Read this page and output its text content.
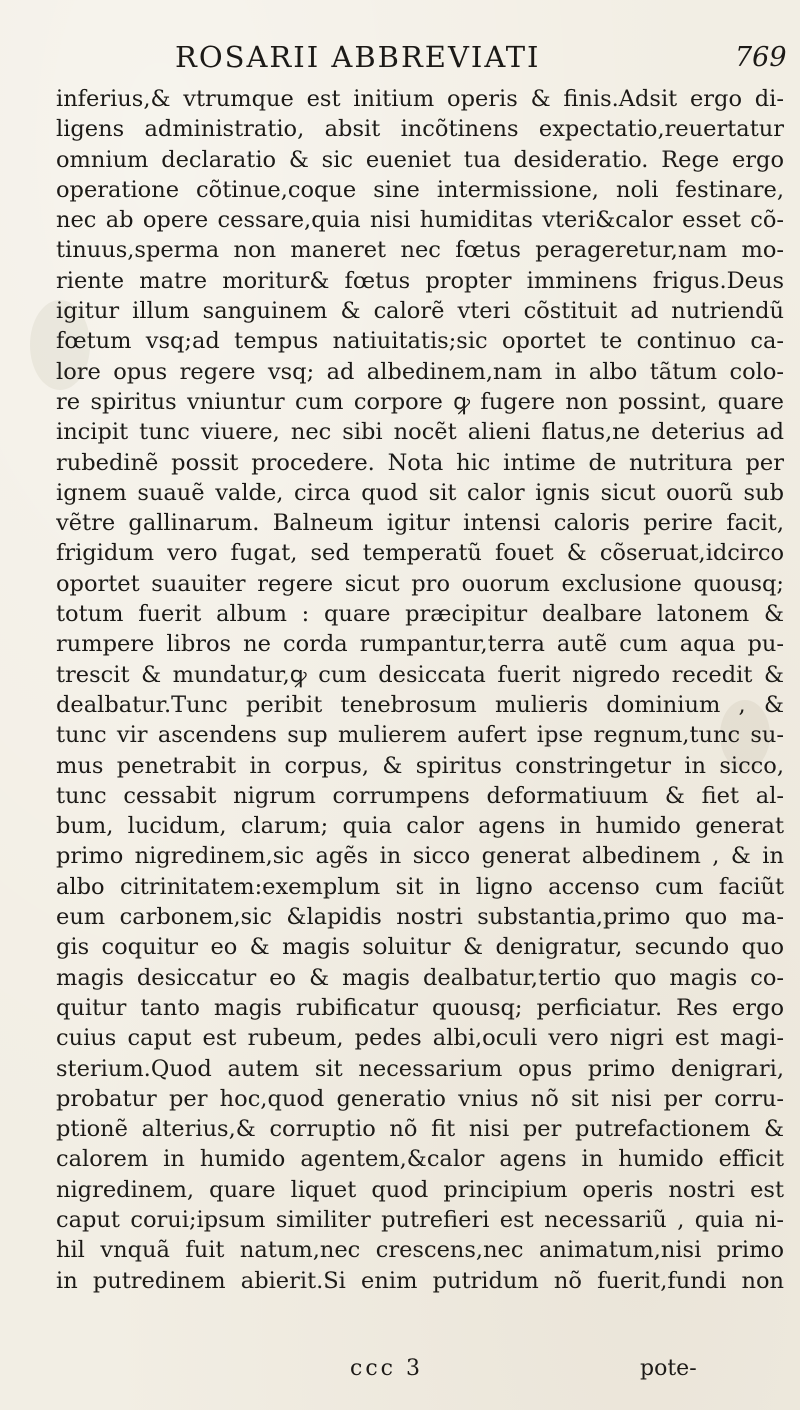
ROSARII ABBREVIATI	769
inferius,& vtrumque est initium operis & finis.Adsit ergo di-
ligens administratio, absit incõtinens expectatio,reuertatur
omnium declaratio & sic eueniet tua desideratio. Rege ergo
operatione cõtinue,coque sine intermissione, noli festinare,
nec ab opere cessare,quia nisi humiditas vteri&calor esset cõ-
tinuus,sperma non maneret nec fœtus perageretur,nam mo-
riente matre moritur& fœtus propter imminens frigus.Deus
igitur illum sanguinem & calorẽ vteri cõstituit ad nutriendũ
fœtum vsq;ad tempus natiuitatis;sic oportet te continuo ca-
lore opus regere vsq; ad albedinem,nam in albo tãtum colo-
re spiritus vniuntur cum corpore ꝙ fugere non possint, quare
incipit tunc viuere, nec sibi nocẽt alieni flatus,ne deterius ad
rubedinẽ possit procedere. Nota hic intime de nutritura per
ignem suauẽ valde, circa quod sit calor ignis sicut ouorũ sub
vẽtre gallinarum. Balneum igitur intensi caloris perire facit,
frigidum vero fugat, sed temperatũ fouet & cõseruat,idcirco
oportet suauiter regere sicut pro ouorum exclusione quousq;
totum fuerit album : quare præcipitur dealbare latonem &
rumpere libros ne corda rumpantur,terra autẽ cum aqua pu-
trescit & mundatur,ꝙ cum desiccata fuerit nigredo recedit &
dealbatur.Tunc peribit tenebrosum mulieris dominium , &
tunc vir ascendens sup mulierem aufert ipse regnum,tunc su-
mus penetrabit in corpus, & spiritus constringetur in sicco,
tunc cessabit nigrum corrumpens deformatiuum & fiet al-
bum, lucidum, clarum; quia calor agens in humido generat
primo nigredinem,sic agẽs in sicco generat albedinem , & in
albo citrinitatem:exemplum sit in ligno accenso cum faciũt
eum carbonem,sic &lapidis nostri substantia,primo quo ma-
gis coquitur eo & magis soluitur & denigratur, secundo quo
magis desiccatur eo & magis dealbatur,tertio quo magis co-
quitur tanto magis rubificatur quousq; perficiatur. Res ergo
cuius caput est rubeum, pedes albi,oculi vero nigri est magi-
sterium.Quod autem sit necessarium opus primo denigrari,
probatur per hoc,quod generatio vnius nõ sit nisi per corru-
ptionẽ alterius,& corruptio nõ fit nisi per putrefactionem &
calorem in humido agentem,&calor agens in humido efficit
nigredinem, quare liquet quod principium operis nostri est
caput corui;ipsum similiter putrefieri est necessariũ , quia ni-
hil vnquã fuit natum,nec crescens,nec animatum,nisi primo
in putredinem abierit.Si enim putridum nõ fuerit,fundi non
ccc 3	pote-
